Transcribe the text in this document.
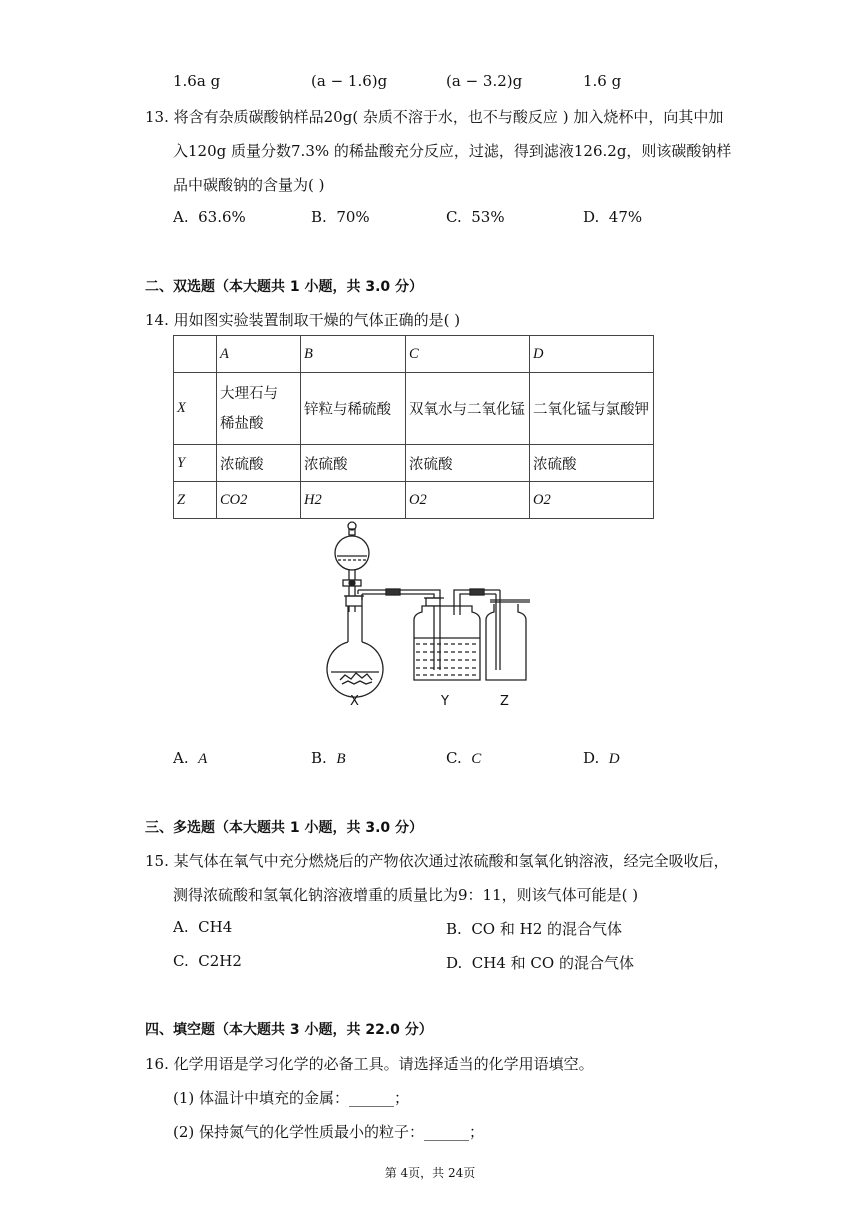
1.6a g	(a − 1.6)g	(a − 3.2)g	1.6 g
13. 将含有杂质碳酸钠样品20g( 杂质不溶于水，也不与酸反应 ) 加入烧杯中，向其中加
入120g 质量分数7.3% 的稀盐酸充分反应，过滤，得到滤液126.2g，则该碳酸钠样
品中碳酸钠的含量为( )
A.  63.6%	B.  70%	C.  53%	D.  47%
二、双选题（本大题共 1 小题，共 3.0 分）
14. 用如图实验装置制取干燥的气体正确的是( )
	A	B	C	D
X	大理石与
稀盐酸	锌粒与稀硫酸	双氧水与二氧化锰	二氧化锰与氯酸钾
Y	浓硫酸	浓硫酸	浓硫酸	浓硫酸
Z	CO2	H2	O2	O2
X	Y	Z
A.  A	B.  B	C.  C	D.  D
三、多选题（本大题共 1 小题，共 3.0 分）
15. 某气体在氧气中充分燃烧后的产物依次通过浓硫酸和氢氧化钠溶液，经完全吸收后，
测得浓硫酸和氢氧化钠溶液增重的质量比为9：11，则该气体可能是( )
A.  CH4	B.  CO 和 H2 的混合气体
C.  C2H2	D.  CH4 和 CO 的混合气体
四、填空题（本大题共 3 小题，共 22.0 分）
16. 化学用语是学习化学的必备工具。请选择适当的化学用语填空。
(1) 体温计中填充的金属：______；
(2) 保持氮气的化学性质最小的粒子：______；
第 4页，共 24页
